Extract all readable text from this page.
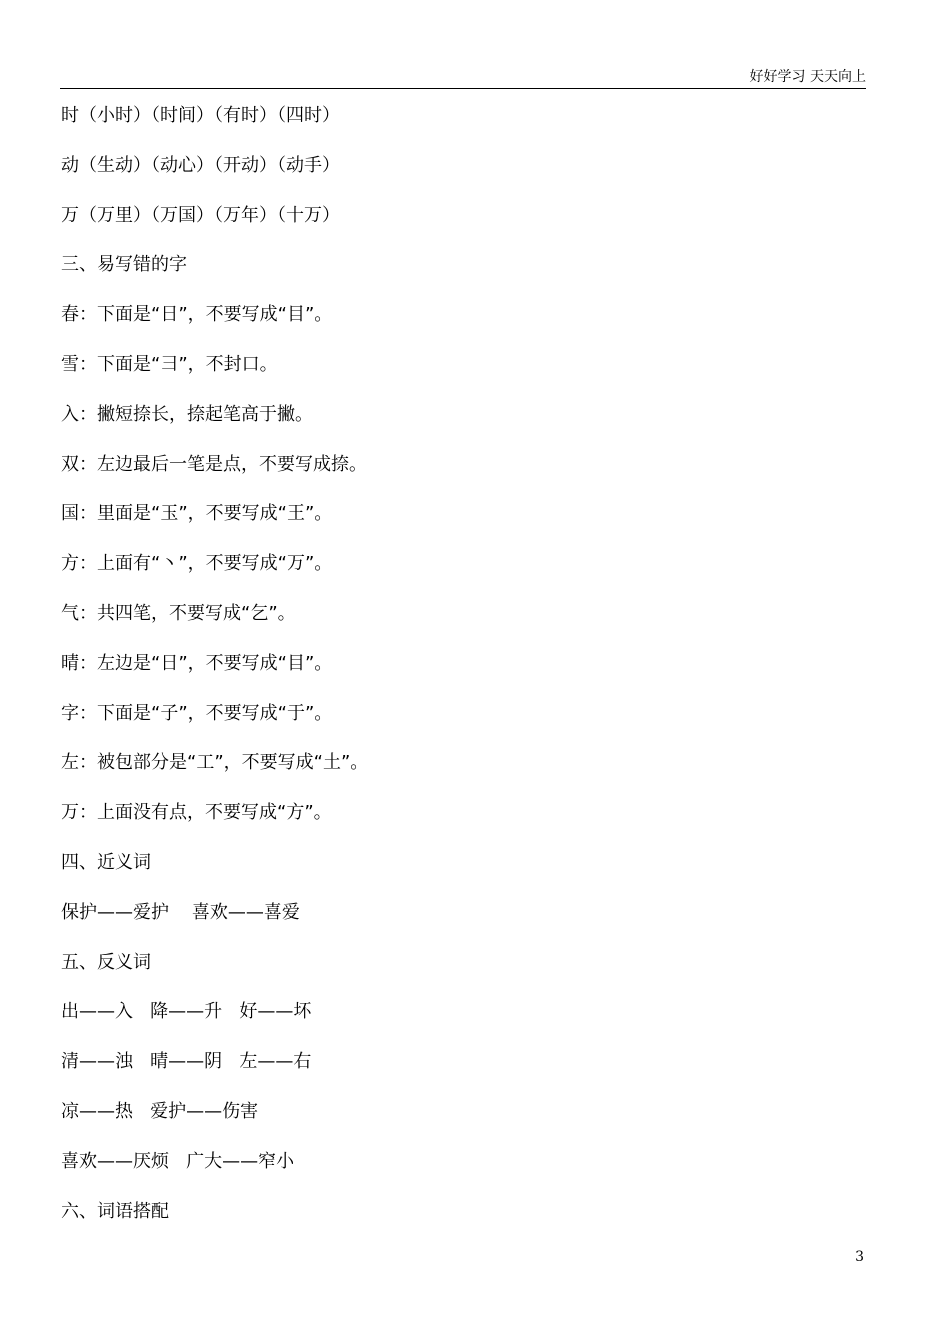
好好学习 天天向上

时（小时）（时间）（有时）（四时）

动（生动）（动心）（开动）（动手）

万（万里）（万国）（万年）（十万）

三、易写错的字

春：下面是“日”，不要写成“目”。

雪：下面是“彐”，不封口。

入：撇短捺长，捺起笔高于撇。

双：左边最后一笔是点，不要写成捺。

国：里面是“玉”，不要写成“王”。

方：上面有“丶”，不要写成“万”。

气：共四笔，不要写成“乞”。

晴：左边是“日”，不要写成“目”。

字：下面是“子”，不要写成“于”。

左：被包部分是“工”，不要写成“土”。

万：上面没有点，不要写成“方”。

四、近义词

保护——爱护    喜欢——喜爱

五、反义词

出——入   降——升   好——坏

清——浊   晴——阴   左——右

凉——热   爱护——伤害

喜欢——厌烦   广大——窄小

六、词语搭配

3
